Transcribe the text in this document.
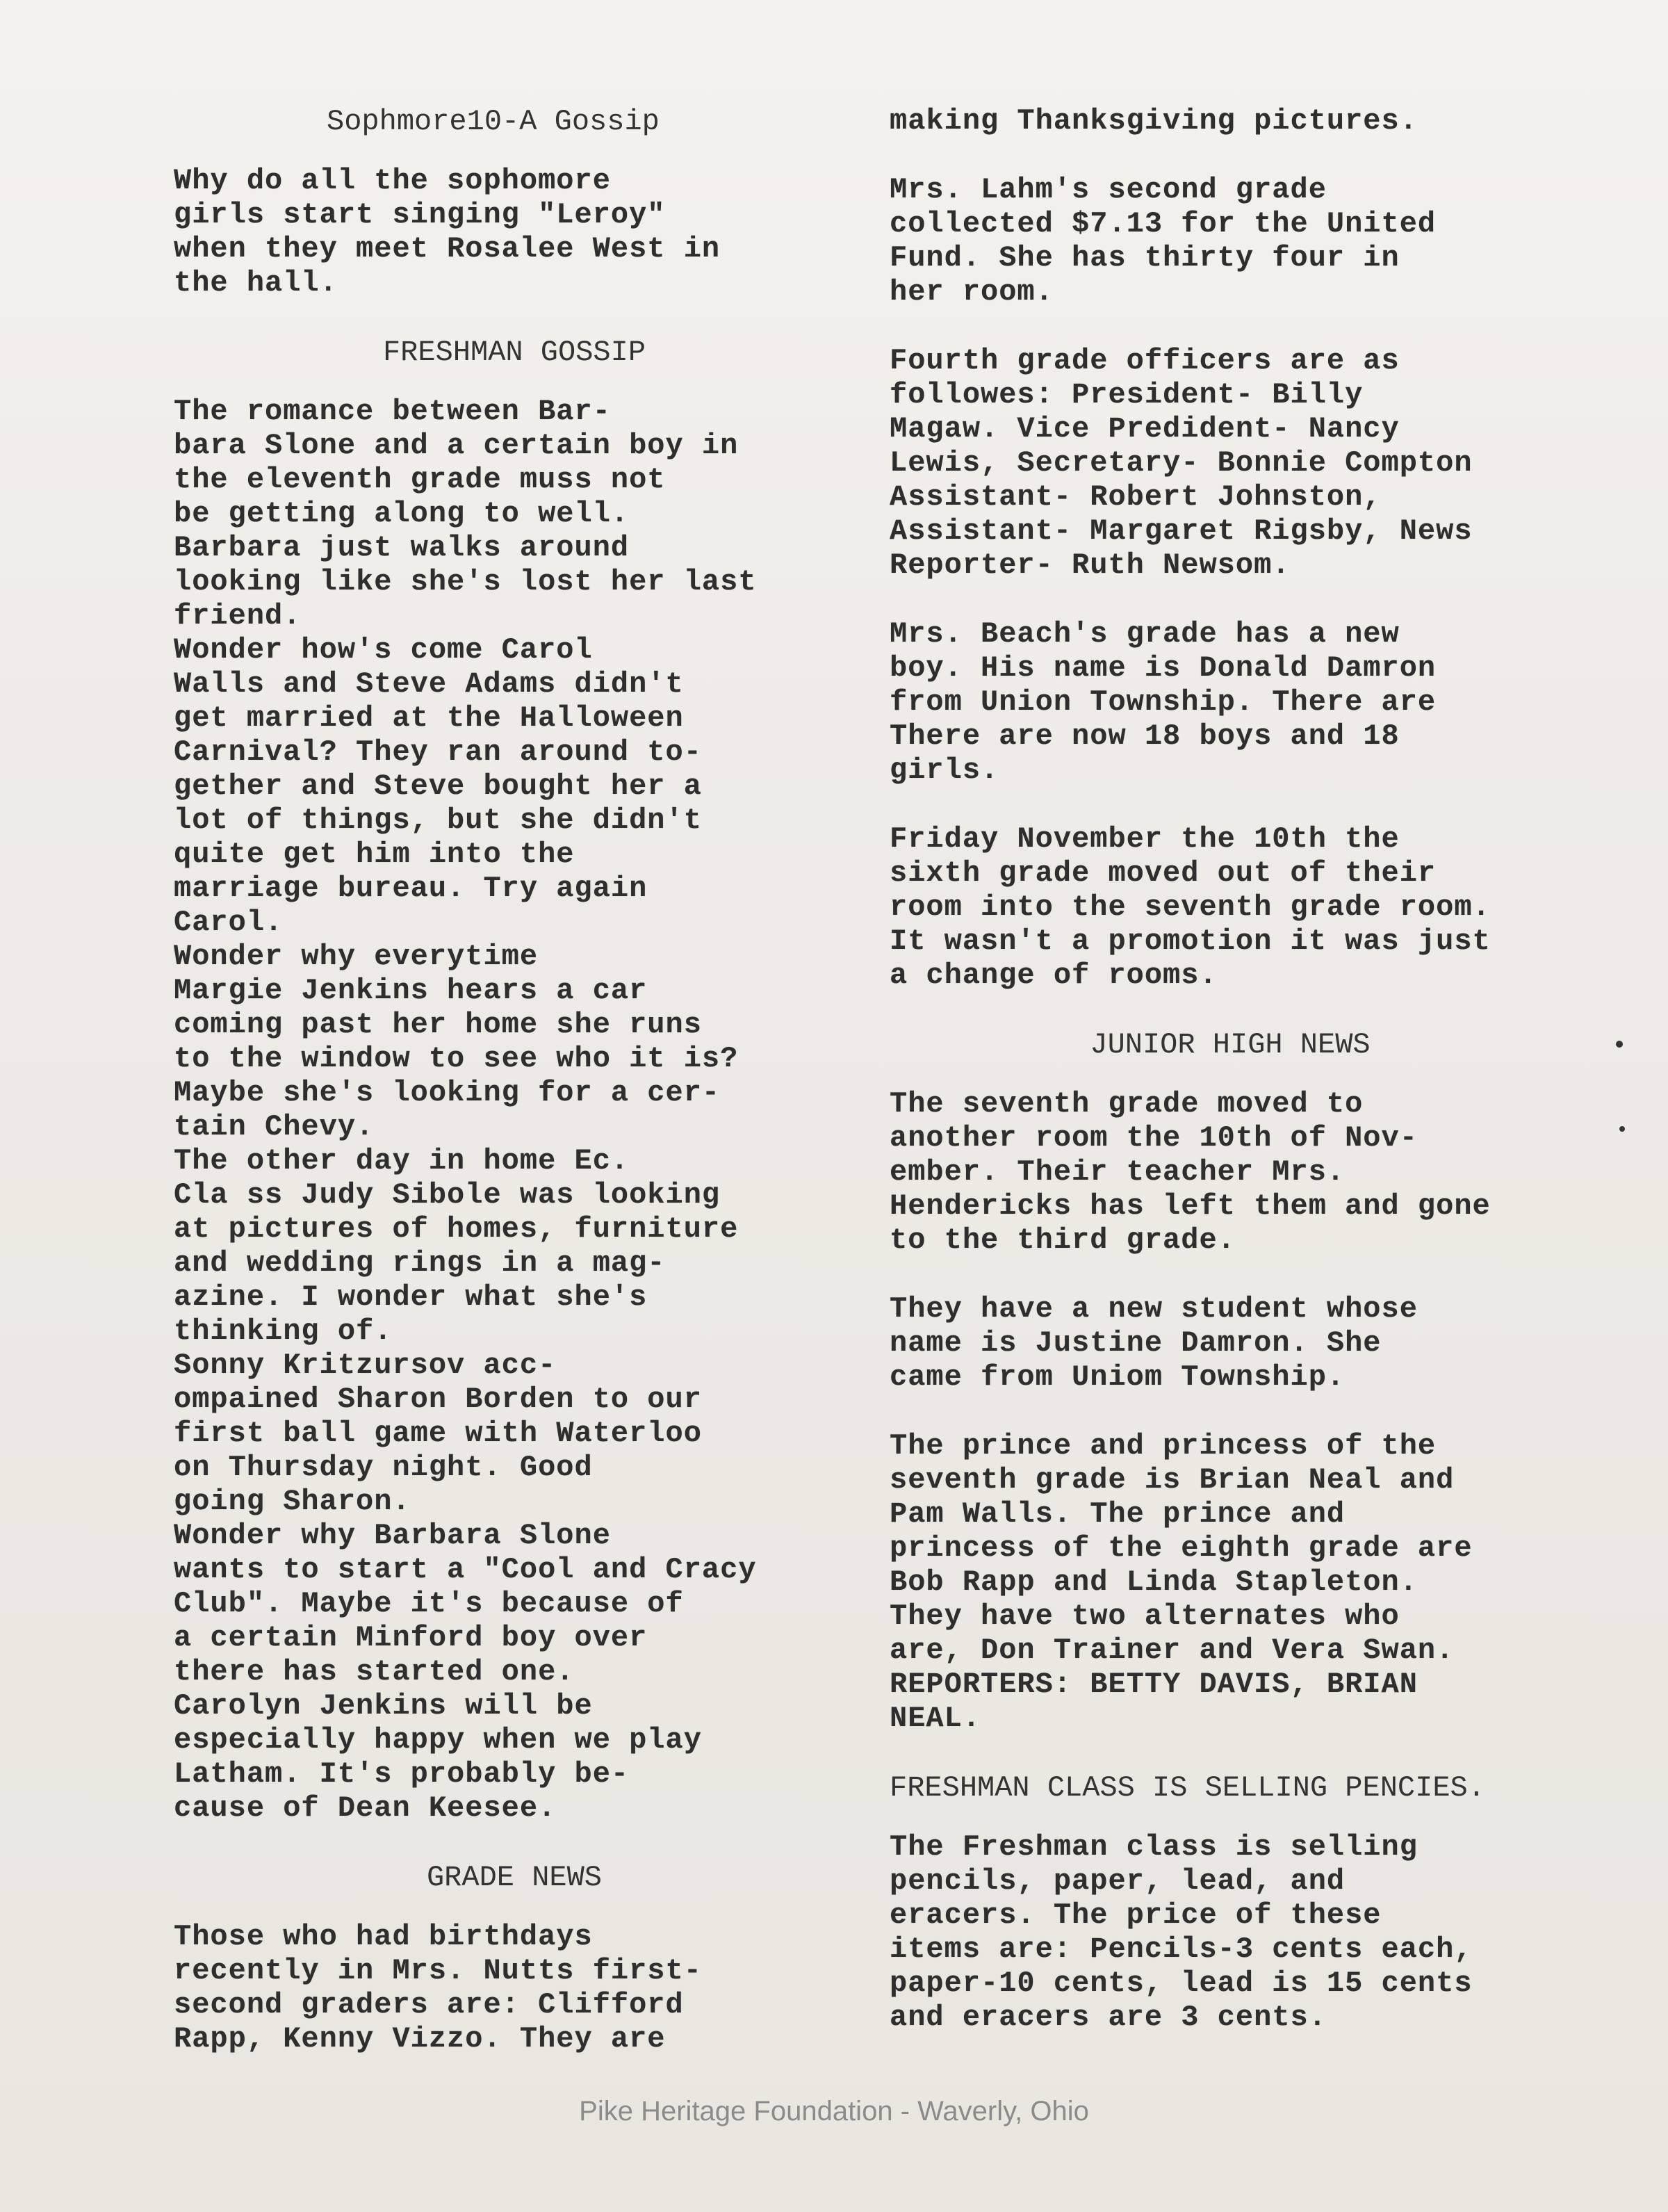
Sophmore10-A Gossip
Why do all the sophomore
girls start singing "Leroy"
when they meet Rosalee West in
the hall.
FRESHMAN GOSSIP
The romance between Bar-
bara Slone and a certain boy in
the eleventh grade muss not
be getting along to well.
Barbara just walks around
looking like she's lost her last
friend.
Wonder how's come Carol
Walls and Steve Adams didn't
get married at the Halloween
Carnival? They ran around to-
gether and Steve bought her a
lot of things, but she didn't
quite get him into the
marriage bureau. Try again
Carol.
Wonder why everytime
Margie Jenkins hears a car
coming past her home she runs
to the window to see who it is?
Maybe she's looking for a cer-
tain Chevy.
The other day in home Ec.
Cla ss Judy Sibole was looking
at pictures of homes, furniture
and wedding rings in a mag-
azine. I wonder what she's
thinking of.
Sonny Kritzursov acc-
ompained Sharon Borden to our
first ball game with Waterloo
on Thursday night. Good
going Sharon.
Wonder why Barbara Slone
wants to start a "Cool and Cracy
Club". Maybe it's because of
a certain Minford boy over
there has started one.
Carolyn Jenkins will be
especially happy when we play
Latham. It's probably be-
cause of Dean Keesee.
GRADE NEWS
Those who had birthdays
recently in Mrs. Nutts first-
second graders are: Clifford
Rapp, Kenny Vizzo. They are
making Thanksgiving pictures.
Mrs. Lahm's second grade
collected $7.13 for the United
Fund. She has thirty four in
her room.
Fourth grade officers are as
followes: President- Billy
Magaw. Vice Predident- Nancy
Lewis, Secretary- Bonnie Compton
Assistant- Robert Johnston,
Assistant- Margaret Rigsby, News
Reporter- Ruth Newsom.
Mrs. Beach's grade has a new
boy. His name is Donald Damron
from Union Township. There are
There are now 18 boys and 18
girls.
Friday November the 10th the
sixth grade moved out of their
room into the seventh grade room.
It wasn't a promotion it was just
a change of rooms.
JUNIOR HIGH NEWS
The seventh grade moved to
another room the 10th of Nov-
ember. Their teacher Mrs.
Hendericks has left them and gone
to the third grade.
They have a new student whose
name is Justine Damron. She
came from Uniom Township.
The prince and princess of the
seventh grade is Brian Neal and
Pam Walls. The prince and
princess of the eighth grade are
Bob Rapp and Linda Stapleton.
They have two alternates who
are, Don Trainer and Vera Swan.
REPORTERS: BETTY DAVIS, BRIAN
NEAL.
FRESHMAN CLASS IS SELLING PENCIES.
The Freshman class is selling
pencils, paper, lead, and
eracers. The price of these
items are: Pencils-3 cents each,
paper-10 cents, lead is 15 cents
and eracers are 3 cents.
Pike Heritage Foundation - Waverly, Ohio
